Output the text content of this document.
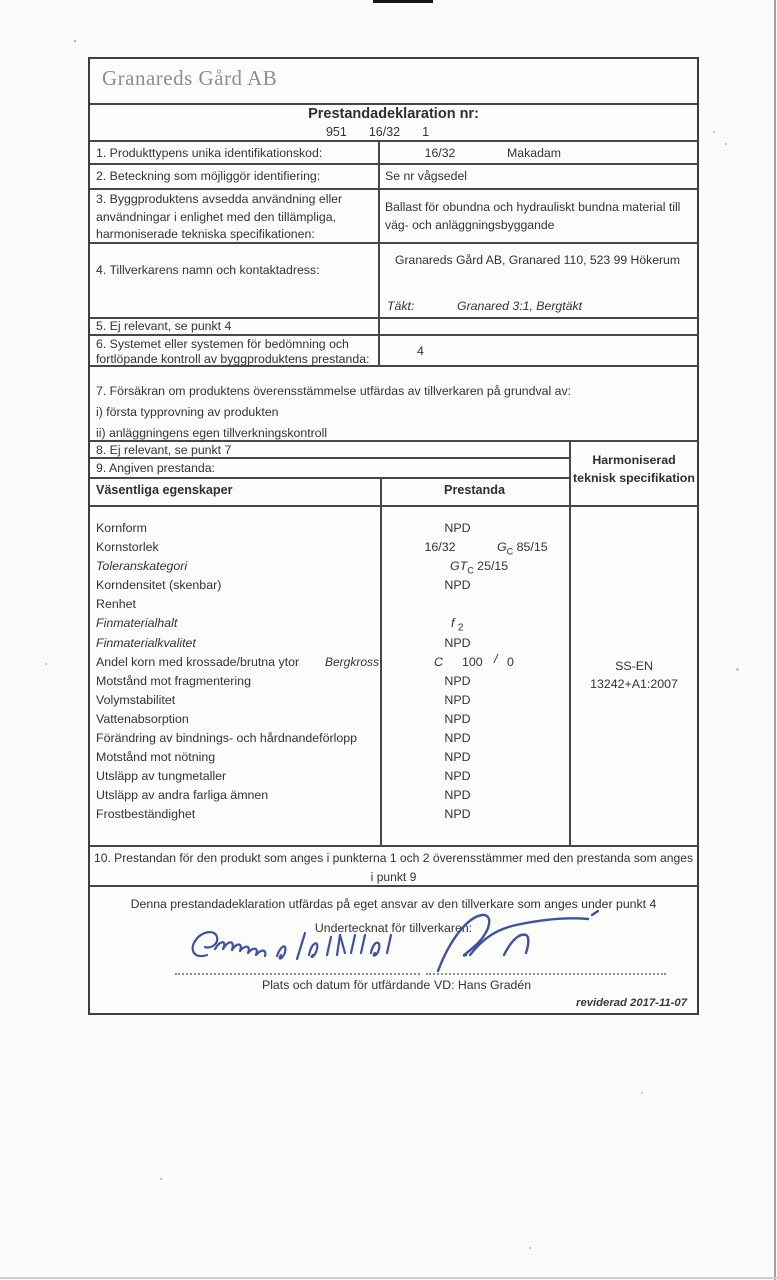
Granareds Gård AB
Prestandadeklaration nr:
951 16/32 1
1. Produkttypens unika identifikationskod:	16/32	Makadam
2. Beteckning som möjliggör identifiering:	Se nr vågsedel
3. Byggproduktens avsedda användning eller användningar i enlighet med den tillämpliga, harmoniserade tekniska specifikationen:
Ballast för obundna och hydrauliskt bundna material till väg- och anläggningsbyggande
4. Tillverkarens namn och kontaktadress:
Granareds Gård AB, Granared 110, 523 99 Hökerum
Täkt:	Granared 3:1, Bergtäkt
5. Ej relevant, se punkt 4
6. Systemet eller systemen för bedömning och fortlöpande kontroll av byggproduktens prestanda:
4
7. Försäkran om produktens överensstämmelse utfärdas av tillverkaren på grundval av:
i) första typprovning av produkten
ii) anläggningens egen tillverkningskontroll
8. Ej relevant, se punkt 7
9. Angiven prestanda:
Harmoniserad teknisk specifikation
Väsentliga egenskaper	Prestanda
SS-EN
13242+A1:2007
Kornform	NPD
Kornstorlek	16/32	$G_C$ 85/15
Toleranskategori	$GT_C$ 25/15
Korndensitet (skenbar)	NPD
Renhet
Finmaterialhalt	f $_2$
Finmaterialkvalitet	NPD
Andel korn med krossade/brutna ytor Bergkross	C 100 / 0
Motstånd mot fragmentering	NPD
Volymstabilitet	NPD
Vattenabsorption	NPD
Förändring av bindnings- och hårdnandeförlopp	NPD
Motstånd mot nötning	NPD
Utsläpp av tungmetaller	NPD
Utsläpp av andra farliga ämnen	NPD
Frostbeständighet	NPD
10. Prestandan för den produkt som anges i punkterna 1 och 2 överensstämmer med den prestanda som anges
i punkt 9
Denna prestandadeklaration utfärdas på eget ansvar av den tillverkare som anges under punkt 4
Undertecknat för tillverkaren:
Plats och datum för utfärdande VD: Hans Gradén
reviderad 2017-11-07
